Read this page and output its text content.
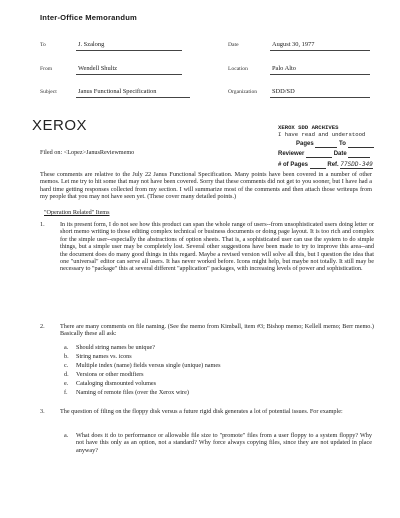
Inter-Office Memorandum
To	J. Szalong	Date	August 30, 1977
From	Wendell Shultz	Location	Palo Alto
Subject	Janus Functional Specification	Organization SDD/SD
XEROX	XEROX SDD ARCHIVES
I have read and understood
Pages	To
Reviewer	Date
# of Pages	Ref. 77SDD-349
Filed on: <Lopez>JanusReviewmemo
These comments are relative to the July 22 Janus Functional Specification. Many points have been covered in a number of other memos. Let me try to hit some that may not have been covered. Sorry that these comments did not get to you sooner, but I have had a hard time getting responses collected from my section. I will summarize most of the comments and then attach those writeups from my people that you may not have seen yet. (These cover many detailed points.)
"Operation Related" Items
1. In its present form, I do not see how this product can span the whole range of users--from unsophisticated users doing letter or short memo writing to those editing complex technical or business documents or doing page layout. It is too rich and complex for the simple user--especially the abstractions of option sheets. That is, a sophisticated user can use the system to do simple things, but a simple user may be completely lost. Several other suggestions have been made to try to improve this area--and the document does do many good things in this regard. Maybe a revised version will solve all this, but I question the idea that one "universal" editor can serve all users. It has never worked before. Icons might help, but maybe not totally. It still may be necessary to "package" this at several different "application" packages, with increasing levels of power and sophistication.
2. There are many comments on file naming. (See the memo from Kimball, item #3; Bishop memo; Kellell memo; Berr memo.) Basically these all ask:
a. Should string names be unique?
b. String names vs. icons
c. Multiple index (name) fields versus single (unique) names
d. Versions or other modifiers
e. Cataloging dismounted volumes
f. Naming of remote files (over the Xerox wire)
3. The question of filing on the floppy disk versus a future rigid disk generates a lot of potential issues. For example:
a. What does it do to performance or allowable file size to "promote" files from a user floppy to a system floppy? Why not have this only as an option, not a standard? Why force always copying files, since they are not updated in place anyway?
